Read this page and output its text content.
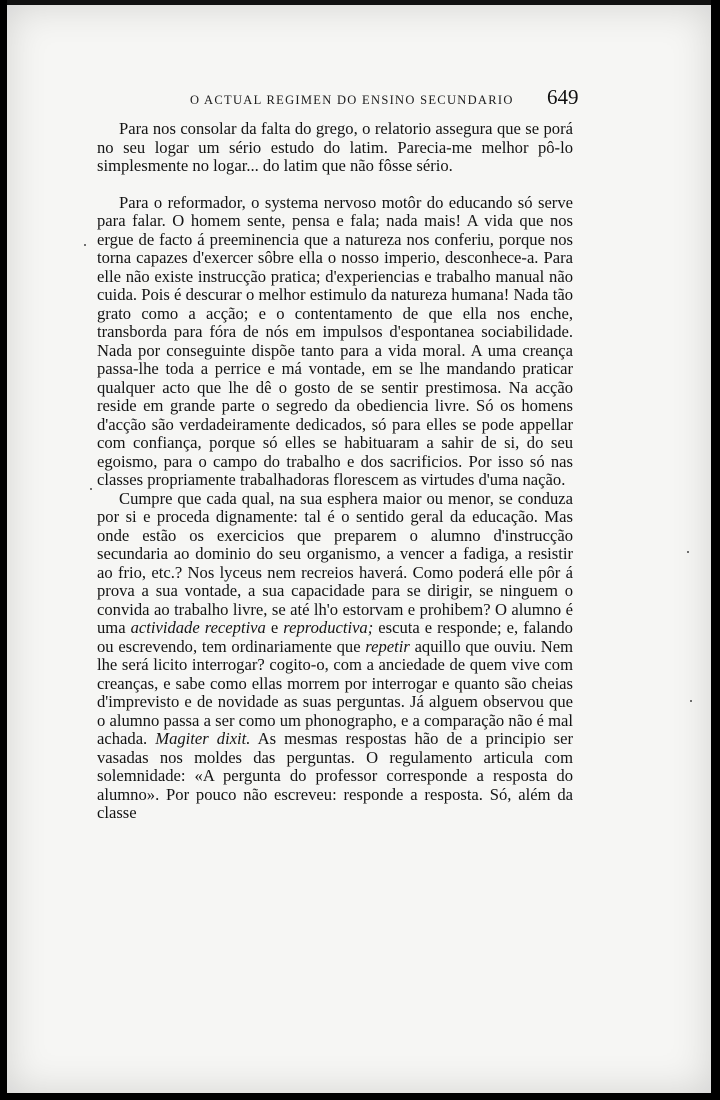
O ACTUAL REGIMEN DO ENSINO SECUNDARIO 649

Para nos consolar da falta do grego, o relatorio assegura que se porá no seu logar um sério estudo do latim. Parecia-me melhor pô-lo simplesmente no logar... do latim que não fôsse sério.

Para o reformador, o systema nervoso motôr do educando só serve para falar. O homem sente, pensa e fala; nada mais! A vida que nos ergue de facto á preeminencia que a natureza nos conferiu, porque nos torna capazes d'exercer sôbre ella o nosso imperio, desconhece-a. Para elle não existe instrucção pratica; d'experiencias e trabalho manual não cuida. Pois é descurar o melhor estimulo da natureza humana! Nada tão grato como a acção; e o contentamento de que ella nos enche, transborda para fóra de nós em impulsos d'espontanea sociabilidade. Nada por conseguinte dispõe tanto para a vida moral. A uma creança passa-lhe toda a perrice e má vontade, em se lhe mandando praticar qualquer acto que lhe dê o gosto de se sentir prestimosa. Na acção reside em grande parte o segredo da obediencia livre. Só os homens d'acção são verdadeiramente dedicados, só para elles se pode appellar com confiança, porque só elles se habituaram a sahir de si, do seu egoismo, para o campo do trabalho e dos sacrificios. Por isso só nas classes propriamente trabalhadoras florescem as virtudes d'uma nação.

Cumpre que cada qual, na sua esphera maior ou menor, se conduza por si e proceda dignamente: tal é o sentido geral da educação. Mas onde estão os exercicios que preparem o alumno d'instrucção secundaria ao dominio do seu organismo, a vencer a fadiga, a resistir ao frio, etc.? Nos lyceus nem recreios haverá. Como poderá elle pôr á prova a sua vontade, a sua capacidade para se dirigir, se ninguem o convida ao trabalho livre, se até lh'o estorvam e prohibem? O alumno é uma actividade receptiva e reproductiva; escuta e responde; e, falando ou escrevendo, tem ordinariamente que repetir aquillo que ouviu. Nem lhe será licito interrogar? cogito-o, com a anciedade de quem vive com creanças, e sabe como ellas morrem por interrogar e quanto são cheias d'imprevisto e de novidade as suas perguntas. Já alguem observou que o alumno passa a ser como um phonographo, e a comparação não é mal achada. Magiter dixit. As mesmas respostas hão de a principio ser vasadas nos moldes das perguntas. O regulamento articula com solemnidade: «A pergunta do professor corresponde a resposta do alumno». Por pouco não escreveu: responde a resposta. Só, além da classe
